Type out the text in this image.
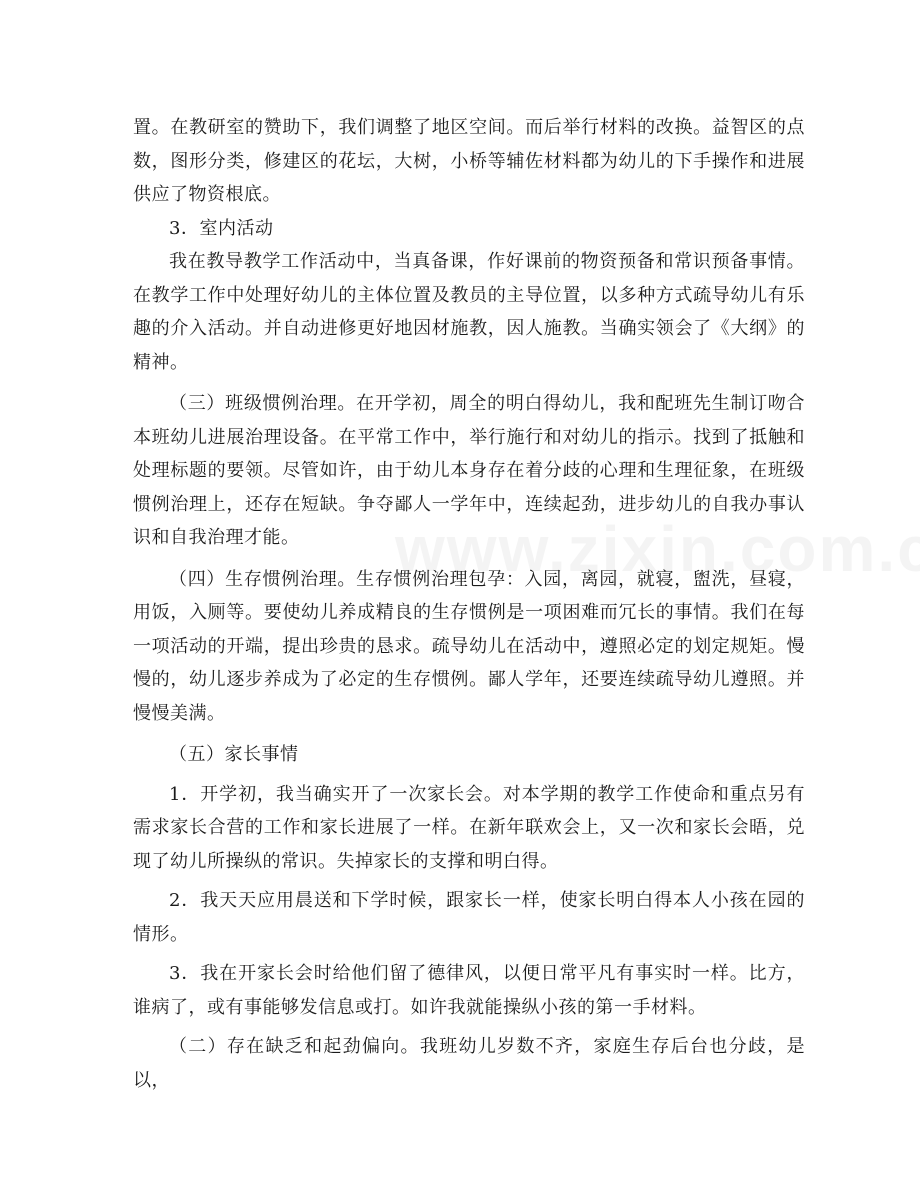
置。在教研室的赞助下，我们调整了地区空间。而后举行材料的改换。益智区的点数，图形分类，修建区的花坛，大树，小桥等辅佐材料都为幼儿的下手操作和进展供应了物资根底。

3．室内活动

我在教导教学工作活动中，当真备课，作好课前的物资预备和常识预备事情。在教学工作中处理好幼儿的主体位置及教员的主导位置，以多种方式疏导幼儿有乐趣的介入活动。并自动进修更好地因材施教，因人施教。当确实领会了《大纲》的精神。

（三）班级惯例治理。在开学初，周全的明白得幼儿，我和配班先生制订吻合本班幼儿进展治理设备。在平常工作中，举行施行和对幼儿的指示。找到了抵触和处理标题的要领。尽管如许，由于幼儿本身存在着分歧的心理和生理征象，在班级惯例治理上，还存在短缺。争夺鄙人一学年中，连续起劲，进步幼儿的自我办事认识和自我治理才能。

（四）生存惯例治理。生存惯例治理包孕：入园，离园，就寝，盥洗，昼寝，用饭，入厕等。要使幼儿养成精良的生存惯例是一项困难而冗长的事情。我们在每一项活动的开端，提出珍贵的恳求。疏导幼儿在活动中，遵照必定的划定规矩。慢慢的，幼儿逐步养成为了必定的生存惯例。鄙人学年，还要连续疏导幼儿遵照。并慢慢美满。

（五）家长事情

1．开学初，我当确实开了一次家长会。对本学期的教学工作使命和重点另有需求家长合营的工作和家长进展了一样。在新年联欢会上，又一次和家长会晤，兑现了幼儿所操纵的常识。失掉家长的支撑和明白得。

2．我天天应用晨送和下学时候，跟家长一样，使家长明白得本人小孩在园的情形。

3．我在开家长会时给他们留了德律风，以便日常平凡有事实时一样。比方，谁病了，或有事能够发信息或打。如许我就能操纵小孩的第一手材料。

（二）存在缺乏和起劲偏向。我班幼儿岁数不齐，家庭生存后台也分歧，是以，
